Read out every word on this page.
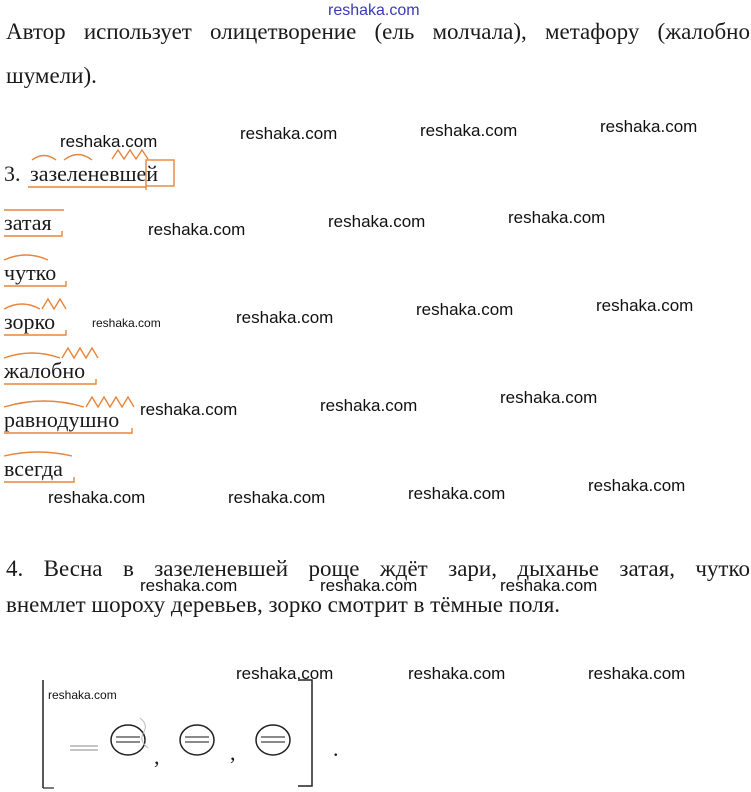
reshaka.com
Автор использует олицетворение (ель молчала), метафору (жалобно
шумели).
reshaka.com	reshaka.com	reshaka.com	reshaka.com
3. зазеленевшей
затая
чутко
зорко
жалобно
равнодушно
всегда
reshaka.com	reshaka.com	reshaka.com
reshaka.com	reshaka.com	reshaka.com	reshaka.com
reshaka.com	reshaka.com	reshaka.com
reshaka.com	reshaka.com	reshaka.com	reshaka.com
4. Весна в зазеленевшей роще ждёт зари, дыханье затая, чутко
внемлет шороху деревьев, зорко смотрит в тёмные поля.
reshaka.com	reshaka.com	reshaka.com
reshaka.com	reshaka.com	reshaka.com
reshaka.com
,	,	.
